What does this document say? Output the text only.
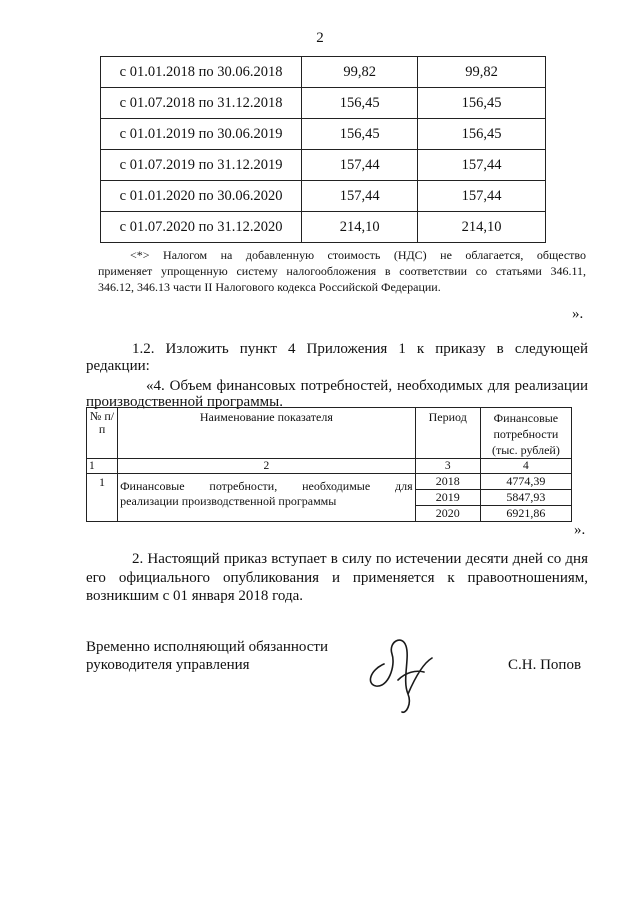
2
с 01.01.2018 по 30.06.2018	99,82	99,82
с 01.07.2018 по 31.12.2018	156,45	156,45
с 01.01.2019 по 30.06.2019	156,45	156,45
с 01.07.2019 по 31.12.2019	157,44	157,44
с 01.01.2020 по 30.06.2020	157,44	157,44
с 01.07.2020 по 31.12.2020	214,10	214,10
<*> Налогом на добавленную стоимость (НДС) не облагается, общество
применяет упрощенную систему налогообложения в соответствии со статьями 346.11,
346.12, 346.13 части II Налогового кодекса Российской Федерации.
».
1.2. Изложить пункт 4 Приложения 1 к приказу в следующей
редакции:
«4. Объем финансовых потребностей, необходимых для реализации
производственной программы.
№ п/п	Наименование показателя	Период	Финансовые потребности (тыс. рублей)
1	2	3	4
1	Финансовые потребности, необходимые для
реализации производственной программы	2018	4774,39
		2019	5847,93
		2020	6921,86
».
2. Настоящий приказ вступает в силу по истечении десяти дней со дня
его официального опубликования и применяется к правоотношениям,
возникшим с 01 января 2018 года.
Временно исполняющий обязанности
руководителя управления	С.Н. Попов
